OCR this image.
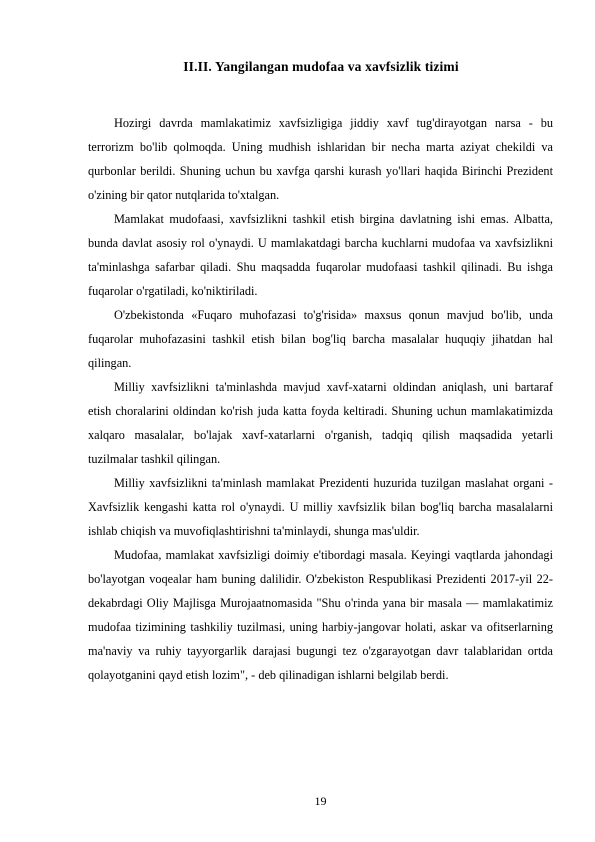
II.II. Yangilangan mudofaa va xavfsizlik tizimi

Hozirgi davrda mamlakatimiz xavfsizligiga jiddiy xavf tug'dirayotgan narsa - bu terrorizm bo'lib qolmoqda. Uning mudhish ishlaridan bir necha marta aziyat chekildi va qurbonlar berildi. Shuning uchun bu xavfga qarshi kurash yo'llari haqida Birinchi Prezident o'zining bir qator nutqlarida to'xtalgan.

Mamlakat mudofaasi, xavfsizlikni tashkil etish birgina davlatning ishi emas. Albatta, bunda davlat asosiy rol o'ynaydi. U mamlakatdagi barcha kuchlarni mudofaa va xavfsizlikni ta'minlashga safarbar qiladi. Shu maqsadda fuqarolar mudofaasi tashkil qilinadi. Bu ishga fuqarolar o'rgatiladi, ko'niktiriladi.

O'zbekistonda «Fuqaro muhofazasi to'g'risida» maxsus qonun mavjud bo'lib, unda fuqarolar muhofazasini tashkil etish bilan bog'liq barcha masalalar huquqiy jihatdan hal qilingan.

Milliy xavfsizlikni ta'minlashda mavjud xavf-xatarni oldindan aniqlash, uni bartaraf etish choralarini oldindan ko'rish juda katta foyda keltiradi. Shuning uchun mamlakatimizda xalqaro masalalar, bo'lajak xavf-xatarlarni o'rganish, tadqiq qilish maqsadida yetarli tuzilmalar tashkil qilingan.

Milliy xavfsizlikni ta'minlash mamlakat Prezidenti huzurida tuzilgan maslahat organi - Xavfsizlik kengashi katta rol o'ynaydi. U milliy xavfsizlik bilan bog'liq barcha masalalarni ishlab chiqish va muvofiqlashtirishni ta'minlaydi, shunga mas'uldir.

Mudofaa, mamlakat xavfsizligi doimiy e'tibordagi masala. Keyingi vaqtlarda jahondagi bo'layotgan voqealar ham buning dalilidir. O'zbekiston Respublikasi Prezidenti 2017-yil 22-dekabrdagi Oliy Majlisga Murojaatnomasida "Shu o'rinda yana bir masala — mamlakatimiz mudofaa tizimining tashkiliy tuzilmasi, uning harbiy-jangovar holati, askar va ofitserlarning ma'naviy va ruhiy tayyorgarlik darajasi bugungi tez o'zgarayotgan davr talablaridan ortda qolayotganini qayd etish lozim", - deb qilinadigan ishlarni belgilab berdi.

19
